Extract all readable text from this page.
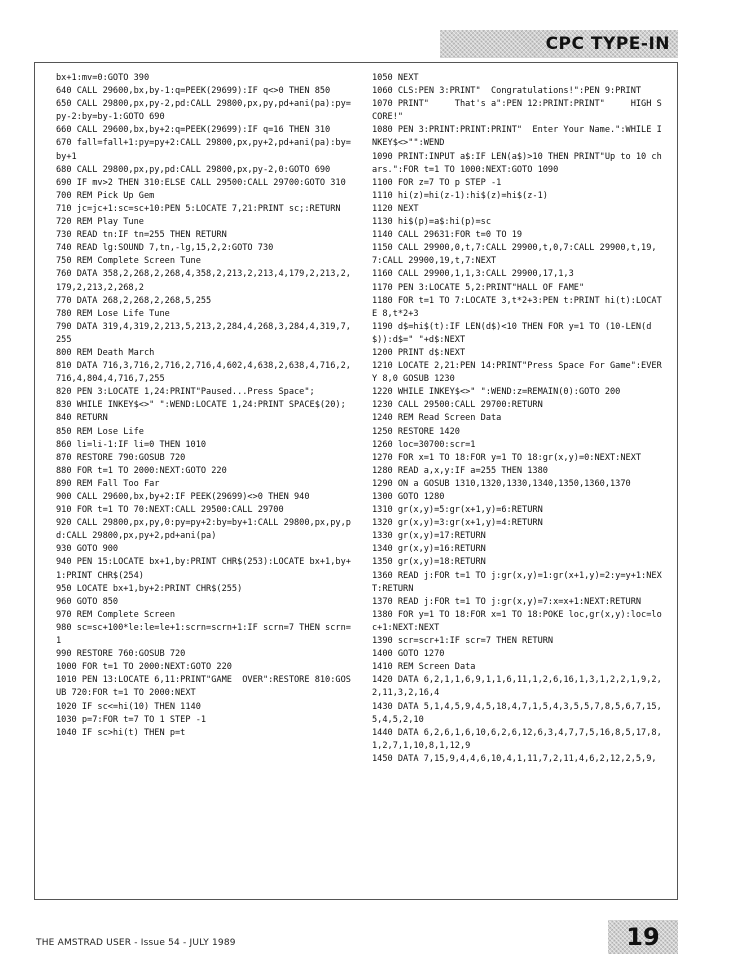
CPC TYPE-IN
bx+1:mv=0:GOTO 390
640 CALL 29600,bx,by-1:q=PEEK(29699):IF q<>0 THEN 850
650 CALL 29800,px,py-2,pd:CALL 29800,px,py,pd+ani(pa):py=py-2:by=by-1:GOTO 690
660 CALL 29600,bx,by+2:q=PEEK(29699):IF q=16 THEN 310
670 fall=fall+1:py=py+2:CALL 29800,px,py+2,pd+ani(pa):by=by+1
680 CALL 29800,px,py,pd:CALL 29800,px,py-2,0:GOTO 690
690 IF mv>2 THEN 310:ELSE CALL 29500:CALL 29700:GOTO 310
700 REM Pick Up Gem
710 jc=jc+1:sc=sc+10:PEN 5:LOCATE 7,21:PRINT sc;:RETURN
720 REM Play Tune
730 READ tn:IF tn=255 THEN RETURN
740 READ lg:SOUND 7,tn,-lg,15,2,2:GOTO 730
750 REM Complete Screen Tune
760 DATA 358,2,268,2,268,4,358,2,213,2,213,4,179,2,213,2,179,2,213,2,268,2
770 DATA 268,2,268,2,268,5,255
780 REM Lose Life Tune
790 DATA 319,4,319,2,213,5,213,2,284,4,268,3,284,4,319,7,255
800 REM Death March
810 DATA 716,3,716,2,716,2,716,4,602,4,638,2,638,4,716,2,716,4,804,4,716,7,255
820 PEN 3:LOCATE 1,24:PRINT"Paused...Press Space";
830 WHILE INKEY$<>" ":WEND:LOCATE 1,24:PRINT SPACE$(20);
840 RETURN
850 REM Lose Life
860 li=li-1:IF li=0 THEN 1010
870 RESTORE 790:GOSUB 720
880 FOR t=1 TO 2000:NEXT:GOTO 220
890 REM Fall Too Far
900 CALL 29600,bx,by+2:IF PEEK(29699)<>0 THEN 940
910 FOR t=1 TO 70:NEXT:CALL 29500:CALL 29700
920 CALL 29800,px,py,0:py=py+2:by=by+1:CALL 29800,px,py,pd:CALL 29800,px,py+2,pd+ani(pa)
930 GOTO 900
940 PEN 15:LOCATE bx+1,by:PRINT CHR$(253):LOCATE bx+1,by+1:PRINT CHR$(254)
950 LOCATE bx+1,by+2:PRINT CHR$(255)
960 GOTO 850
970 REM Complete Screen
980 sc=sc+100*le:le=le+1:scrn=scrn+1:IF scrn=7 THEN scrn=1
990 RESTORE 760:GOSUB 720
1000 FOR t=1 TO 2000:NEXT:GOTO 220
1010 PEN 13:LOCATE 6,11:PRINT"GAME  OVER":RESTORE 810:GOSUB 720:FOR t=1 TO 2000:NEXT
1020 IF sc<=hi(10) THEN 1140
1030 p=7:FOR t=7 TO 1 STEP -1
1040 IF sc>hi(t) THEN p=t
1050 NEXT
1060 CLS:PEN 3:PRINT"  Congratulations!":PEN 9:PRINT
1070 PRINT"     That's a":PEN 12:PRINT:PRINT"     HIGH SCORE!"
1080 PEN 3:PRINT:PRINT:PRINT"  Enter Your Name.":WHILE INKEY$<>"":WEND
1090 PRINT:INPUT a$:IF LEN(a$)>10 THEN PRINT"Up to 10 chars.":FOR t=1 TO 1000:NEXT:GOTO 1090
1100 FOR z=7 TO p STEP -1
1110 hi(z)=hi(z-1):hi$(z)=hi$(z-1)
1120 NEXT
1130 hi$(p)=a$:hi(p)=sc
1140 CALL 29631:FOR t=0 TO 19
1150 CALL 29900,0,t,7:CALL 29900,t,0,7:CALL 29900,t,19,7:CALL 29900,19,t,7:NEXT
1160 CALL 29900,1,1,3:CALL 29900,17,1,3
1170 PEN 3:LOCATE 5,2:PRINT"HALL OF FAME"
1180 FOR t=1 TO 7:LOCATE 3,t*2+3:PEN t:PRINT hi(t):LOCATE 8,t*2+3
1190 d$=hi$(t):IF LEN(d$)<10 THEN FOR y=1 TO (10-LEN(d$)):d$=" "+d$:NEXT
1200 PRINT d$:NEXT
1210 LOCATE 2,21:PEN 14:PRINT"Press Space For Game":EVERY 8,0 GOSUB 1230
1220 WHILE INKEY$<>" ":WEND:z=REMAIN(0):GOTO 200
1230 CALL 29500:CALL 29700:RETURN
1240 REM Read Screen Data
1250 RESTORE 1420
1260 loc=30700:scr=1
1270 FOR x=1 TO 18:FOR y=1 TO 18:gr(x,y)=0:NEXT:NEXT
1280 READ a,x,y:IF a=255 THEN 1380
1290 ON a GOSUB 1310,1320,1330,1340,1350,1360,1370
1300 GOTO 1280
1310 gr(x,y)=5:gr(x+1,y)=6:RETURN
1320 gr(x,y)=3:gr(x+1,y)=4:RETURN
1330 gr(x,y)=17:RETURN
1340 gr(x,y)=16:RETURN
1350 gr(x,y)=18:RETURN
1360 READ j:FOR t=1 TO j:gr(x,y)=1:gr(x+1,y)=2:y=y+1:NEXT:RETURN
1370 READ j:FOR t=1 TO j:gr(x,y)=7:x=x+1:NEXT:RETURN
1380 FOR y=1 TO 18:FOR x=1 TO 18:POKE loc,gr(x,y):loc=loc+1:NEXT:NEXT
1390 scr=scr+1:IF scr=7 THEN RETURN
1400 GOTO 1270
1410 REM Screen Data
1420 DATA 6,2,1,1,6,9,1,1,6,11,1,2,6,16,1,3,1,2,2,1,9,2,2,11,3,2,16,4
1430 DATA 5,1,4,5,9,4,5,18,4,7,1,5,4,3,5,5,7,8,5,6,7,15,5,4,5,2,10
1440 DATA 6,2,6,1,6,10,6,2,6,12,6,3,4,7,7,5,16,8,5,17,8,1,2,7,1,10,8,1,12,9
1450 DATA 7,15,9,4,4,6,10,4,1,11,7,2,11,4,6,2,12,2,5,9,
THE AMSTRAD USER - Issue 54 - JULY 1989	19
